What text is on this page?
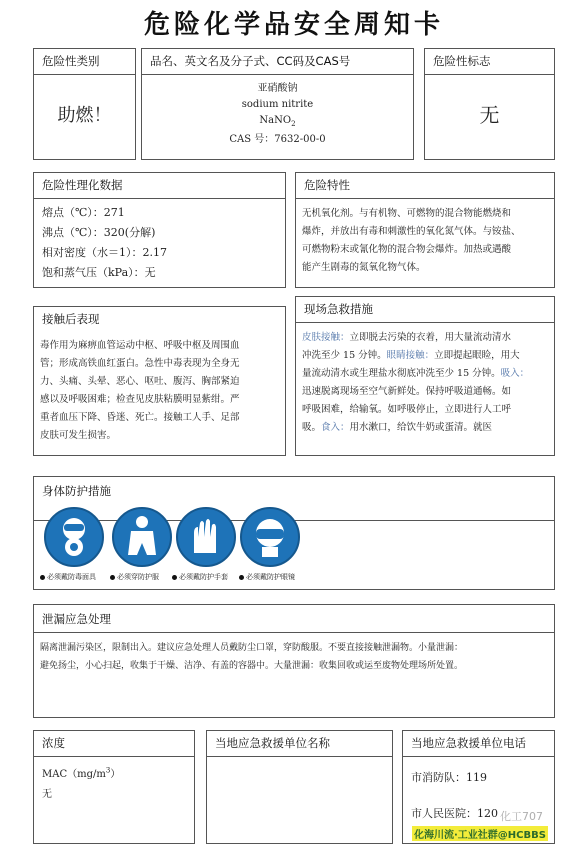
危险化学品安全周知卡
危险性类别
助燃！
品名、英文名及分子式、CC码及CAS号
亚硝酸钠
sodium nitrite
NaNO$_2$
CAS 号：7632-00-0
危险性标志
无
危险性理化数据
熔点（℃）：271
沸点（℃）：320(分解)
相对密度（水＝1）：2.17
饱和蒸气压（kPa）：无
危险特性
无机氧化剂。与有机物、可燃物的混合物能燃烧和
爆炸，并放出有毒和刺激性的氧化氮气体。与铵盐、
可燃物粉末或氰化物的混合物会爆炸。加热或遇酸
能产生剧毒的氮氧化物气体。
接触后表现
毒作用为麻痹血管运动中枢、呼吸中枢及周围血
管；形成高铁血红蛋白。急性中毒表现为全身无
力、头痛、头晕、恶心、呕吐、腹泻、胸部紧迫
感以及呼吸困难；检查见皮肤粘膜明显紫绀。严
重者血压下降、昏迷、死亡。接触工人手、足部
皮肤可发生损害。
现场急救措施
皮肤接触：立即脱去污染的衣着，用大量流动清水
冲洗至少 15 分钟。眼睛接触：立即提起眼睑，用大
量流动清水或生理盐水彻底冲洗至少 15 分钟。吸入：
迅速脱离现场至空气新鲜处。保持呼吸道通畅。如
呼吸困难，给输氧。如呼吸停止，立即进行人工呼
吸。食入：用水漱口，给饮牛奶或蛋清。就医
身体防护措施
必须戴防毒面具	必须穿防护服	必须戴防护手套	必须戴防护眼镜
泄漏应急处理
隔离泄漏污染区，限制出入。建议应急处理人员戴防尘口罩，穿防酸服。不要直接接触泄漏物。小量泄漏：
避免扬尘，小心扫起，收集于干燥、洁净、有盖的容器中。大量泄漏：收集回收或运至废物处理场所处置。
浓度
$MAC(mg/m^3)$
无
当地应急救援单位名称	当地应急救援单位电话
市消防队：119
市人民医院：120 化工707
化海川流·工业社群@HCBBS
